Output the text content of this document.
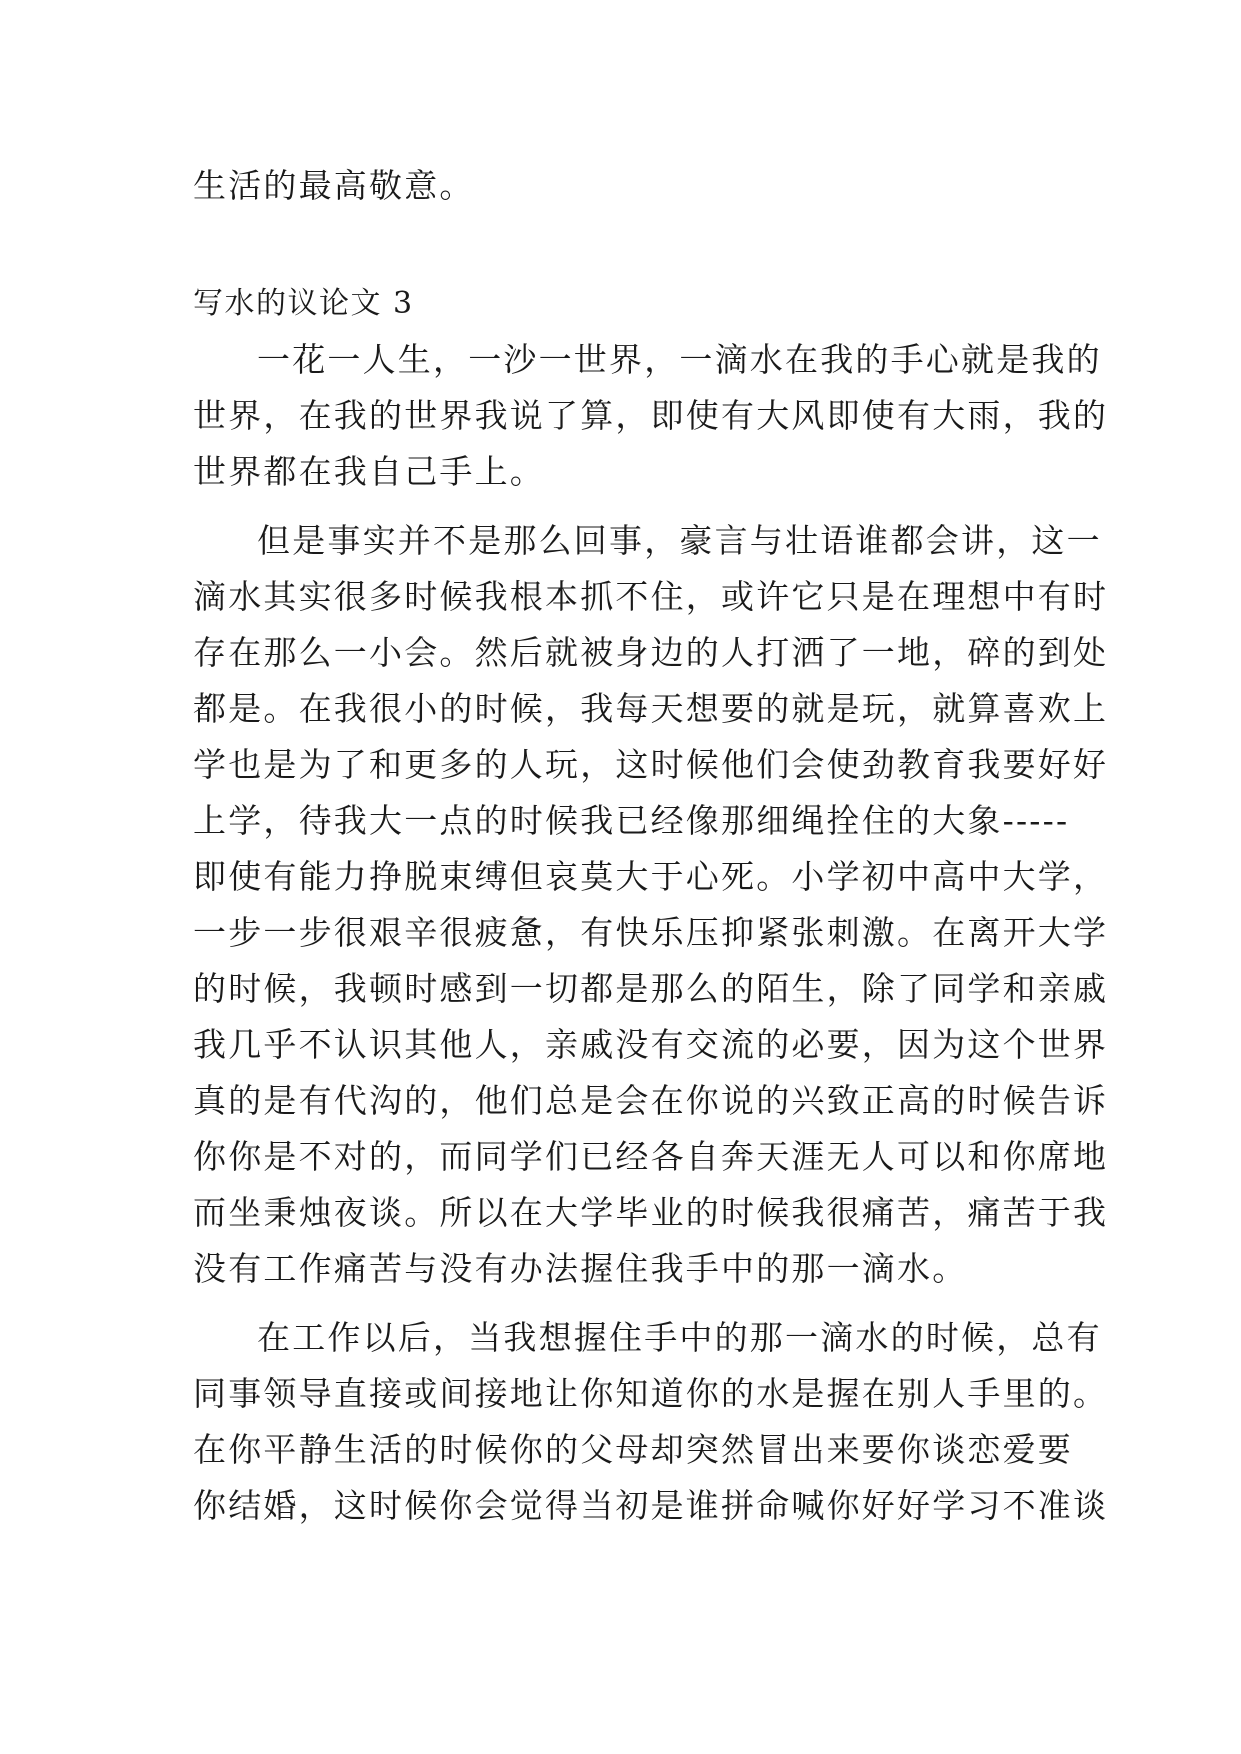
生活的最高敬意。
写水的议论文 3
一花一人生，一沙一世界，一滴水在我的手心就是我的
世界，在我的世界我说了算，即使有大风即使有大雨，我的
世界都在我自己手上。
但是事实并不是那么回事，豪言与壮语谁都会讲，这一
滴水其实很多时候我根本抓不住，或许它只是在理想中有时
存在那么一小会。然后就被身边的人打洒了一地，碎的到处
都是。在我很小的时候，我每天想要的就是玩，就算喜欢上
学也是为了和更多的人玩，这时候他们会使劲教育我要好好
上学，待我大一点的时候我已经像那细绳拴住的大象-----
即使有能力挣脱束缚但哀莫大于心死。小学初中高中大学，
一步一步很艰辛很疲惫，有快乐压抑紧张刺激。在离开大学
的时候，我顿时感到一切都是那么的陌生，除了同学和亲戚
我几乎不认识其他人，亲戚没有交流的必要，因为这个世界
真的是有代沟的，他们总是会在你说的兴致正高的时候告诉
你你是不对的，而同学们已经各自奔天涯无人可以和你席地
而坐秉烛夜谈。所以在大学毕业的时候我很痛苦，痛苦于我
没有工作痛苦与没有办法握住我手中的那一滴水。
在工作以后，当我想握住手中的那一滴水的时候，总有
同事领导直接或间接地让你知道你的水是握在别人手里的。
在你平静生活的时候你的父母却突然冒出来要你谈恋爱要
你结婚，这时候你会觉得当初是谁拼命喊你好好学习不准谈
